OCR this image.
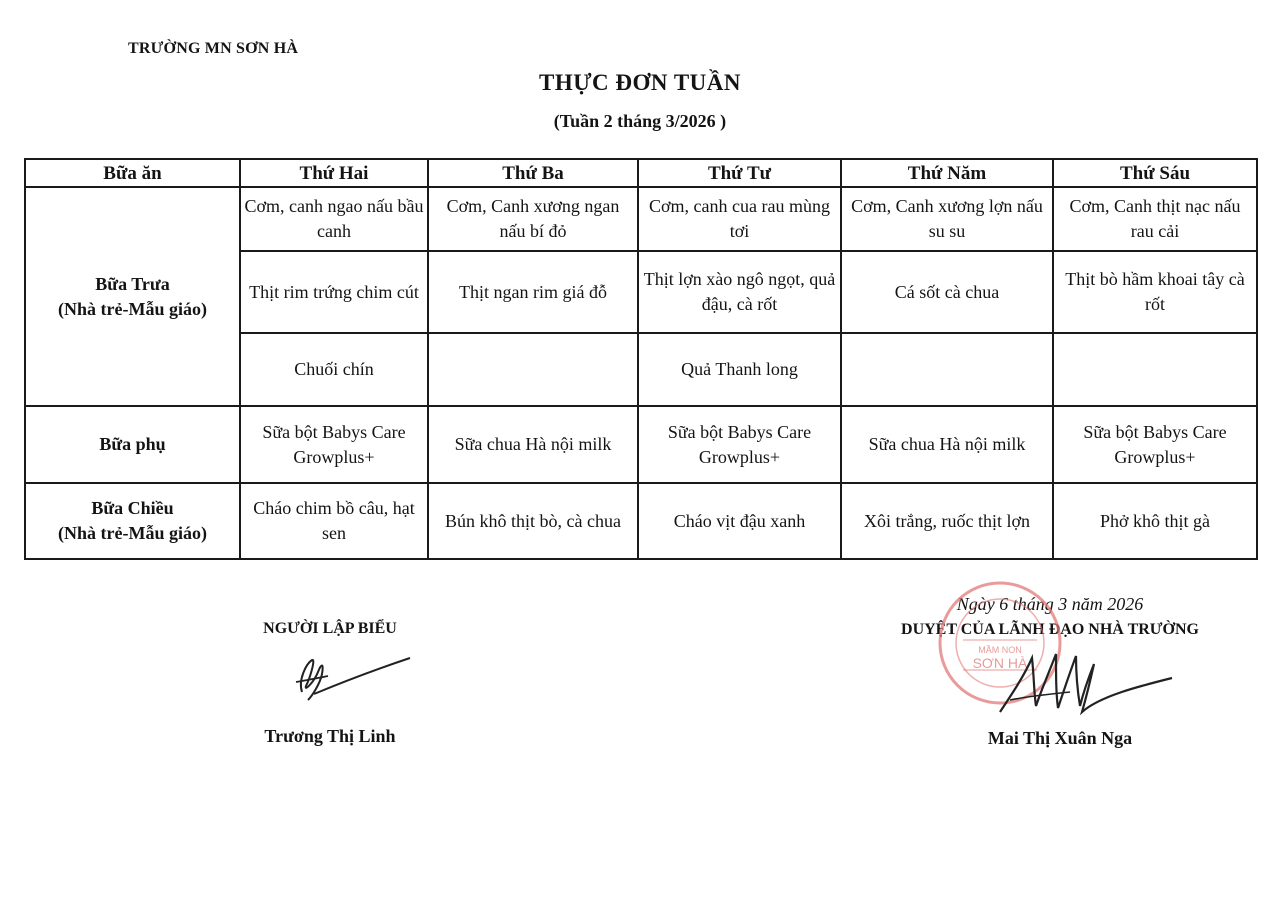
TRƯỜNG MN SƠN HÀ
THỰC ĐƠN TUẦN
(Tuần 2 tháng 3/2026 )
Bữa ăn	Thứ Hai	Thứ Ba	Thứ Tư	Thứ Năm	Thứ Sáu

Bữa Trưa
(Nhà trẻ-Mẫu giáo)	Cơm, canh ngao nấu bầu canh	Cơm, Canh xương ngan nấu bí đỏ	Cơm, canh cua rau mùng tơi	Cơm, Canh xương lợn nấu su su	Cơm, Canh thịt nạc nấu rau cải
	Thịt rim trứng chim cút	Thịt ngan rim giá đỗ	Thịt lợn xào ngô ngọt, quả đậu, cà rốt	Cá sốt cà chua	Thịt bò hầm khoai tây cà rốt
	Chuối chín		Quả Thanh long		

Bữa phụ	Sữa bột Babys Care Growplus+	Sữa chua Hà nội milk	Sữa bột Babys Care Growplus+	Sữa chua Hà nội milk	Sữa bột Babys Care Growplus+

Bữa Chiều
(Nhà trẻ-Mẫu giáo)	Cháo chim bồ câu, hạt sen	Bún khô thịt bò, cà chua	Cháo vịt đậu xanh	Xôi trắng, ruốc thịt lợn	Phở khô thịt gà
NGƯỜI LẬP BIỂU
Trương Thị Linh
Ngày 6 tháng 3 năm 2026
DUYỆT CỦA LÃNH ĐẠO NHÀ TRƯỜNG
MẦM NON
SƠN HÀ
Mai Thị Xuân Nga
